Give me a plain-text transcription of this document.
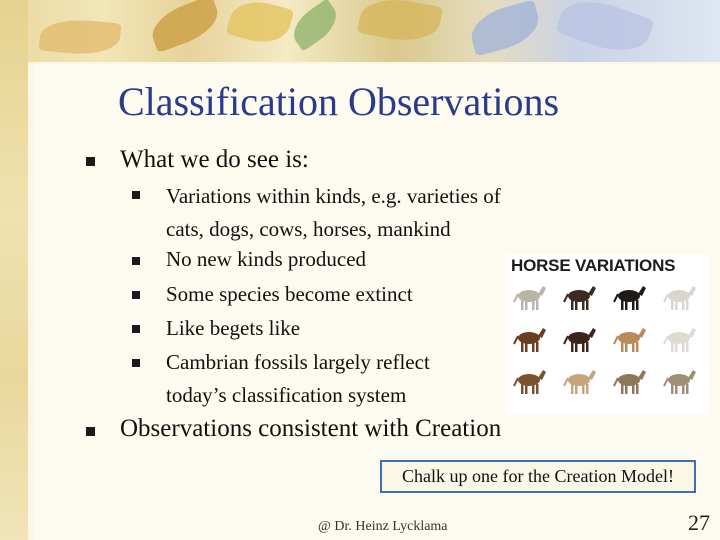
Classification Observations
What we do see is:
Variations within kinds, e.g. varieties of
cats, dogs, cows, horses, mankind
No new kinds produced
Some species become extinct
Like begets like
Cambrian fossils largely reflect
today’s classification system
Observations consistent with Creation
HORSE VARIATIONS
Chalk up one for the Creation Model!
@ Dr. Heinz Lycklama	27
